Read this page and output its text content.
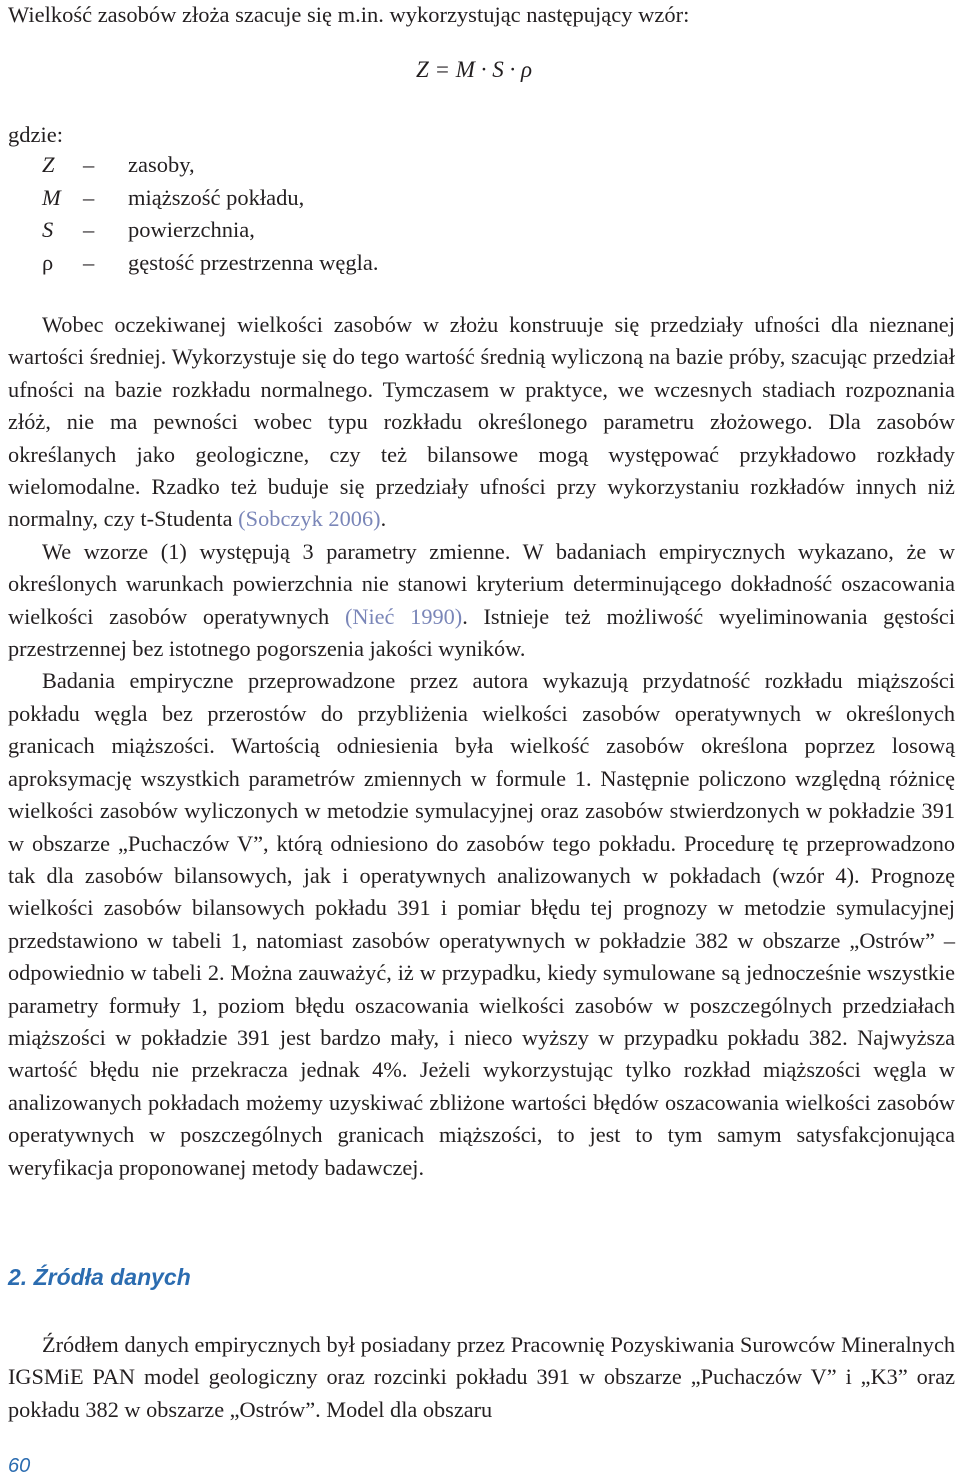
Wielkość zasobów złoża szacuje się m.in. wykorzystując następujący wzór:
Z = M · S · ρ
gdzie:
Z – zasoby,
M – miąższość pokładu,
S – powierzchnia,
ρ – gęstość przestrzenna węgla.

Wobec oczekiwanej wielkości zasobów w złożu konstruuje się przedziały ufności dla nieznanej wartości średniej. Wykorzystuje się do tego wartość średnią wyliczoną na bazie próby, szacując przedział ufności na bazie rozkładu normalnego. Tymczasem w praktyce, we wczesnych stadiach rozpoznania złóż, nie ma pewności wobec typu rozkładu określonego parametru złożowego. Dla zasobów określanych jako geologiczne, czy też bilansowe mogą występować przykładowo rozkłady wielomodalne. Rzadko też buduje się przedziały ufności przy wykorzystaniu rozkładów innych niż normalny, czy t-Studenta (Sobczyk 2006).

We wzorze (1) występują 3 parametry zmienne. W badaniach empirycznych wykazano, że w określonych warunkach powierzchnia nie stanowi kryterium determinującego dokładność oszacowania wielkości zasobów operatywnych (Nieć 1990). Istnieje też możliwość wyeliminowania gęstości przestrzennej bez istotnego pogorszenia jakości wyników.

Badania empiryczne przeprowadzone przez autora wykazują przydatność rozkładu miąższości pokładu węgla bez przerostów do przybliżenia wielkości zasobów operatywnych w określonych granicach miąższości. Wartością odniesienia była wielkość zasobów określona poprzez losową aproksymację wszystkich parametrów zmiennych w formule 1. Następnie policzono względną różnicę wielkości zasobów wyliczonych w metodzie symulacyjnej oraz zasobów stwierdzonych w pokładzie 391 w obszarze „Puchaczów V”, którą odniesiono do zasobów tego pokładu. Procedurę tę przeprowadzono tak dla zasobów bilansowych, jak i operatywnych analizowanych w pokładach (wzór 4). Prognozę wielkości zasobów bilansowych pokładu 391 i pomiar błędu tej prognozy w metodzie symulacyjnej przedstawiono w tabeli 1, natomiast zasobów operatywnych w pokładzie 382 w obszarze „Ostrów” – odpowiednio w tabeli 2. Można zauważyć, iż w przypadku, kiedy symulowane są jednocześnie wszystkie parametry formuły 1, poziom błędu oszacowania wielkości zasobów w poszczególnych przedziałach miąższości w pokładzie 391 jest bardzo mały, i nieco wyższy w przypadku pokładu 382. Najwyższa wartość błędu nie przekracza jednak 4%. Jeżeli wykorzystując tylko rozkład miąższości węgla w analizowanych pokładach możemy uzyskiwać zbliżone wartości błędów oszacowania wielkości zasobów operatywnych w poszczególnych granicach miąższości, to jest to tym samym satysfakcjonująca weryfikacja proponowanej metody badawczej.

2. Źródła danych

Źródłem danych empirycznych był posiadany przez Pracownię Pozyskiwania Surowców Mineralnych IGSMiE PAN model geologiczny oraz rozcinki pokładu 391 w obszarze „Puchaczów V” i „K3” oraz pokładu 382 w obszarze „Ostrów”. Model dla obszaru

60
